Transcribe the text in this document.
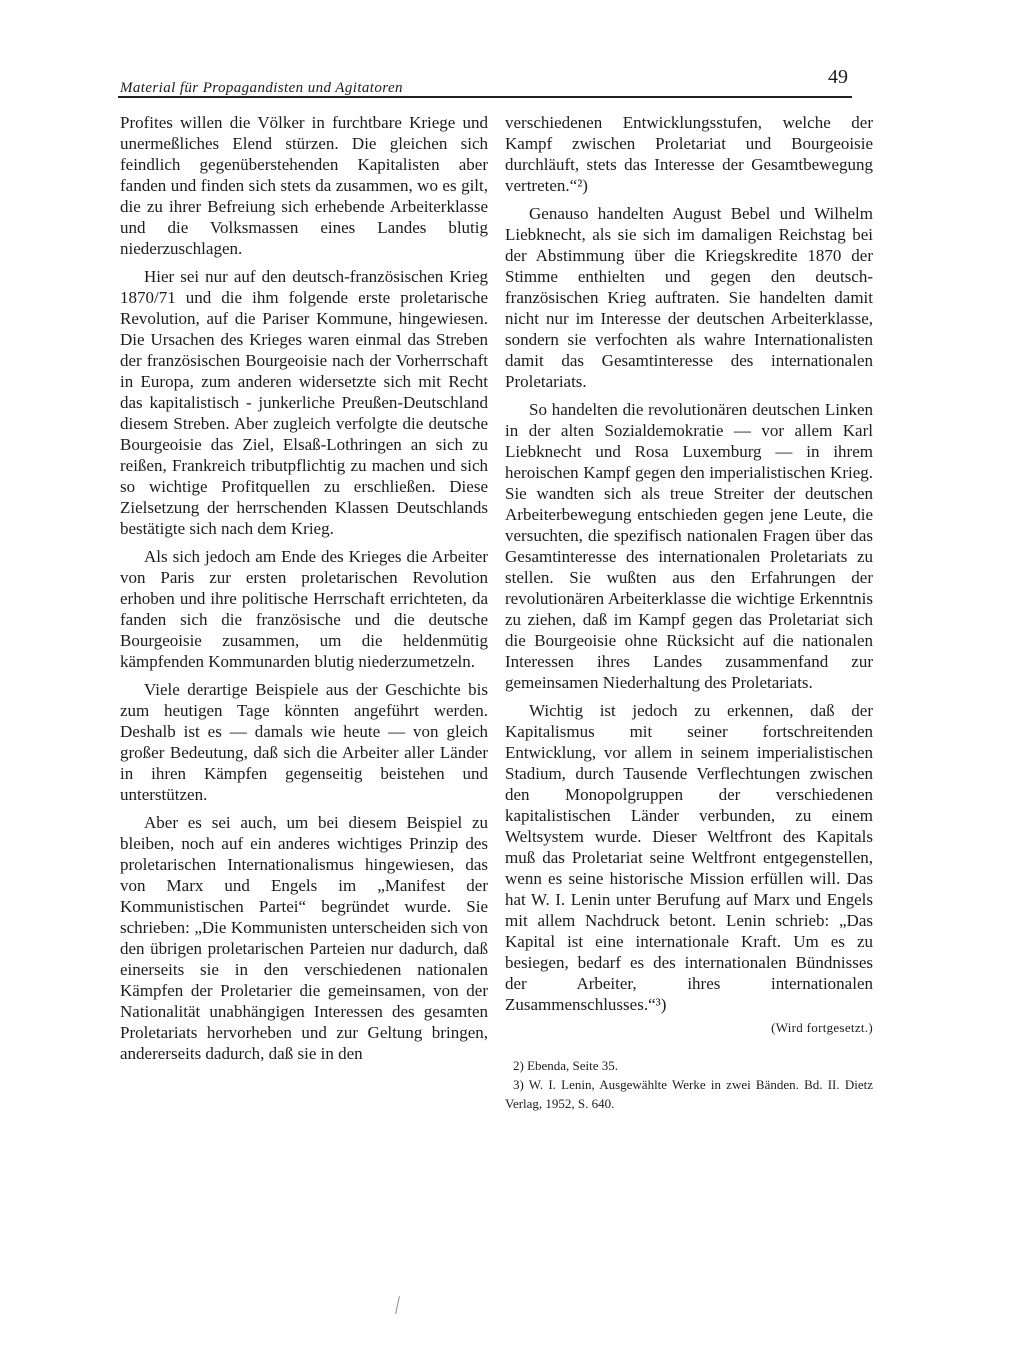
Material für Propagandisten und Agitatoren	49

Profites willen die Völker in furchtbare Kriege und unermeßliches Elend stürzen. Die gleichen sich feindlich gegenüberstehenden Kapitalisten aber fanden und finden sich stets da zusammen, wo es gilt, die zu ihrer Befreiung sich erhebende Arbeiterklasse und die Volksmassen eines Landes blutig niederzuschlagen.

Hier sei nur auf den deutsch-französischen Krieg 1870/71 und die ihm folgende erste proletarische Revolution, auf die Pariser Kommune, hingewiesen. Die Ursachen des Krieges waren einmal das Streben der französischen Bourgeoisie nach der Vorherrschaft in Europa, zum anderen widersetzte sich mit Recht das kapitalistisch - junkerliche Preußen-Deutschland diesem Streben. Aber zugleich verfolgte die deutsche Bourgeoisie das Ziel, Elsaß-Lothringen an sich zu reißen, Frankreich tributpflichtig zu machen und sich so wichtige Profitquellen zu erschließen. Diese Zielsetzung der herrschenden Klassen Deutschlands bestätigte sich nach dem Krieg.

Als sich jedoch am Ende des Krieges die Arbeiter von Paris zur ersten proletarischen Revolution erhoben und ihre politische Herrschaft errichteten, da fanden sich die französische und die deutsche Bourgeoisie zusammen, um die heldenmütig kämpfenden Kommunarden blutig niederzumetzeln.

Viele derartige Beispiele aus der Geschichte bis zum heutigen Tage könnten angeführt werden. Deshalb ist es — damals wie heute — von gleich großer Bedeutung, daß sich die Arbeiter aller Länder in ihren Kämpfen gegenseitig beistehen und unterstützen.

Aber es sei auch, um bei diesem Beispiel zu bleiben, noch auf ein anderes wichtiges Prinzip des proletarischen Internationalismus hingewiesen, das von Marx und Engels im „Manifest der Kommunistischen Partei“ begründet wurde. Sie schrieben: „Die Kommunisten unterscheiden sich von den übrigen proletarischen Parteien nur dadurch, daß einerseits sie in den verschiedenen nationalen Kämpfen der Proletarier die gemeinsamen, von der Nationalität unabhängigen Interessen des gesamten Proletariats hervorheben und zur Geltung bringen, andererseits dadurch, daß sie in den

verschiedenen Entwicklungsstufen, welche der Kampf zwischen Proletariat und Bourgeoisie durchläuft, stets das Interesse der Gesamtbewegung vertreten.“²)

Genauso handelten August Bebel und Wilhelm Liebknecht, als sie sich im damaligen Reichstag bei der Abstimmung über die Kriegskredite 1870 der Stimme enthielten und gegen den deutsch-französischen Krieg auftraten. Sie handelten damit nicht nur im Interesse der deutschen Arbeiterklasse, sondern sie verfochten als wahre Internationalisten damit das Gesamtinteresse des internationalen Proletariats.

So handelten die revolutionären deutschen Linken in der alten Sozialdemokratie — vor allem Karl Liebknecht und Rosa Luxemburg — in ihrem heroischen Kampf gegen den imperialistischen Krieg. Sie wandten sich als treue Streiter der deutschen Arbeiterbewegung entschieden gegen jene Leute, die versuchten, die spezifisch nationalen Fragen über das Gesamtinteresse des internationalen Proletariats zu stellen. Sie wußten aus den Erfahrungen der revolutionären Arbeiterklasse die wichtige Erkenntnis zu ziehen, daß im Kampf gegen das Proletariat sich die Bourgeoisie ohne Rücksicht auf die nationalen Interessen ihres Landes zusammenfand zur gemeinsamen Niederhaltung des Proletariats.

Wichtig ist jedoch zu erkennen, daß der Kapitalismus mit seiner fortschreitenden Entwicklung, vor allem in seinem imperialistischen Stadium, durch Tausende Verflechtungen zwischen den Monopolgruppen der verschiedenen kapitalistischen Länder verbunden, zu einem Weltsystem wurde. Dieser Weltfront des Kapitals muß das Proletariat seine Weltfront entgegenstellen, wenn es seine historische Mission erfüllen will. Das hat W. I. Lenin unter Berufung auf Marx und Engels mit allem Nachdruck betont. Lenin schrieb: „Das Kapital ist eine internationale Kraft. Um es zu besiegen, bedarf es des internationalen Bündnisses der Arbeiter, ihres internationalen Zusammenschlusses.“³)

(Wird fortgesetzt.)
2) Ebenda, Seite 35.
3) W. I. Lenin, Ausgewählte Werke in zwei Bänden. Bd. II. Dietz Verlag, 1952, S. 640.
